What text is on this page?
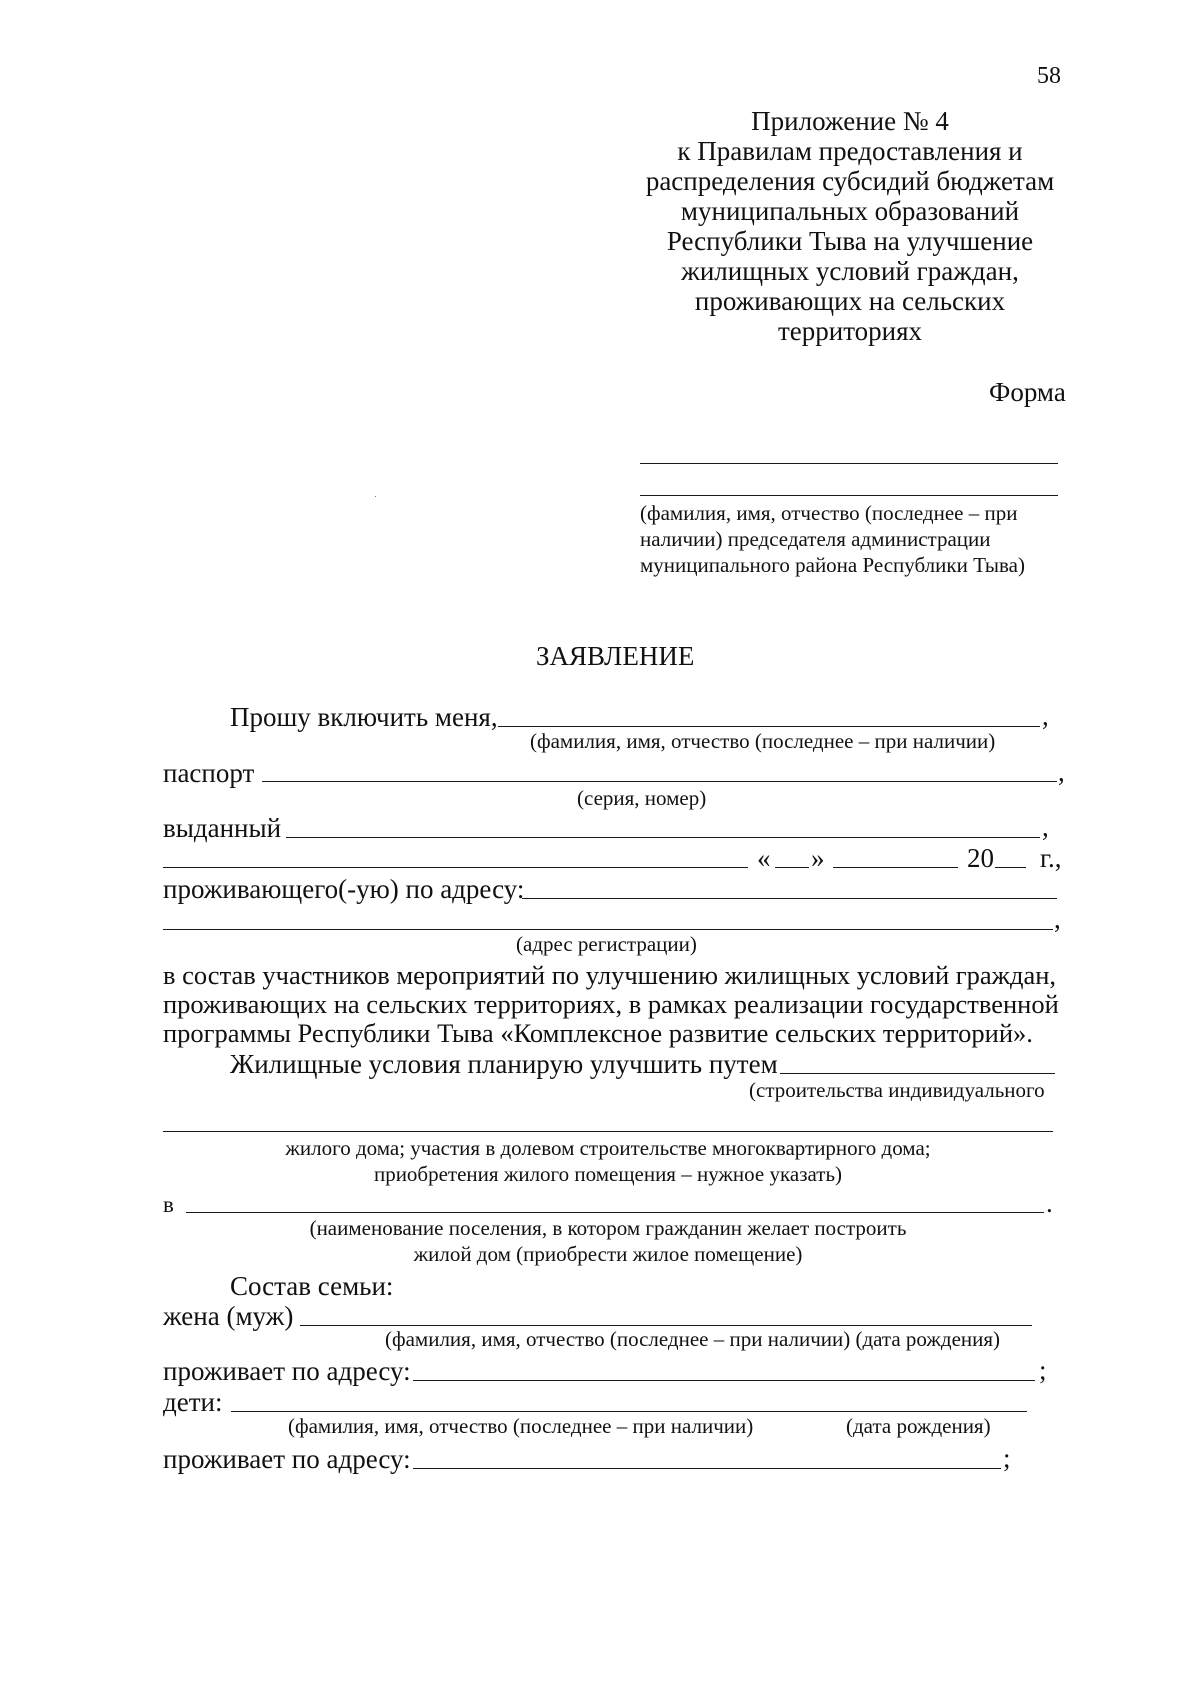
58
Приложение № 4
к Правилам предоставления и
распределения субсидий бюджетам
муниципальных образований
Республики Тыва на улучшение
жилищных условий граждан,
проживающих на сельских
территориях
Форма
(фамилия, имя, отчество (последнее – при
наличии) председателя администрации
муниципального района Республики Тыва)
ЗАЯВЛЕНИЕ
Прошу включить меня,	,
(фамилия, имя, отчество (последнее – при наличии)
паспорт	,
(серия, номер)
выданный	,
« »	20 г.,
проживающего(-ую) по адресу:
,
(адрес регистрации)
в состав участников мероприятий по улучшению жилищных условий граждан,
проживающих на сельских территориях, в рамках реализации государственной
программы Республики Тыва «Комплексное развитие сельских территорий».
Жилищные условия планирую улучшить путем
(строительства индивидуального
жилого дома; участия в долевом строительстве многоквартирного дома;
приобретения жилого помещения – нужное указать)
в	.
(наименование поселения, в котором гражданин желает построить
жилой дом (приобрести жилое помещение)
Состав семьи:
жена (муж)
(фамилия, имя, отчество (последнее – при наличии) (дата рождения)
проживает по адресу:	;
дети:
(фамилия, имя, отчество (последнее – при наличии)	(дата рождения)
проживает по адресу:	;
